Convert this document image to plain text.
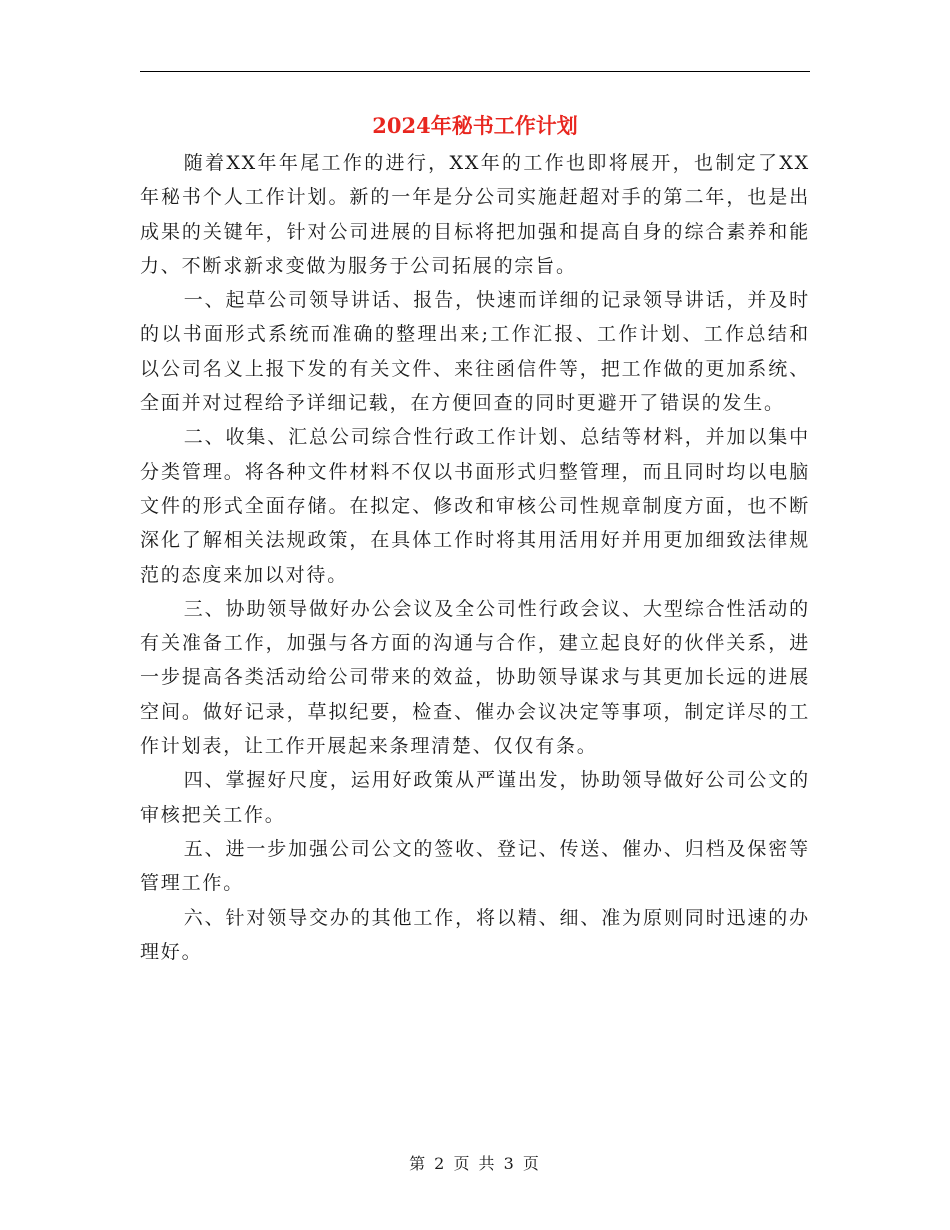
2024年秘书工作计划

随着XX年年尾工作的进行，XX年的工作也即将展开，也制定了XX年秘书个人工作计划。新的一年是分公司实施赶超对手的第二年，也是出成果的关键年，针对公司进展的目标将把加强和提高自身的综合素养和能力、不断求新求变做为服务于公司拓展的宗旨。

一、起草公司领导讲话、报告，快速而详细的记录领导讲话，并及时的以书面形式系统而准确的整理出来;工作汇报、工作计划、工作总结和以公司名义上报下发的有关文件、来往函信件等，把工作做的更加系统、全面并对过程给予详细记载，在方便回查的同时更避开了错误的发生。

二、收集、汇总公司综合性行政工作计划、总结等材料，并加以集中分类管理。将各种文件材料不仅以书面形式归整管理，而且同时均以电脑文件的形式全面存储。在拟定、修改和审核公司性规章制度方面，也不断深化了解相关法规政策，在具体工作时将其用活用好并用更加细致法律规范的态度来加以对待。

三、协助领导做好办公会议及全公司性行政会议、大型综合性活动的有关准备工作，加强与各方面的沟通与合作，建立起良好的伙伴关系，进一步提高各类活动给公司带来的效益，协助领导谋求与其更加长远的进展空间。做好记录，草拟纪要，检查、催办会议决定等事项，制定详尽的工作计划表，让工作开展起来条理清楚、仅仅有条。

四、掌握好尺度，运用好政策从严谨出发，协助领导做好公司公文的审核把关工作。

五、进一步加强公司公文的签收、登记、传送、催办、归档及保密等管理工作。

六、针对领导交办的其他工作，将以精、细、准为原则同时迅速的办理好。

第 2 页 共 3 页
